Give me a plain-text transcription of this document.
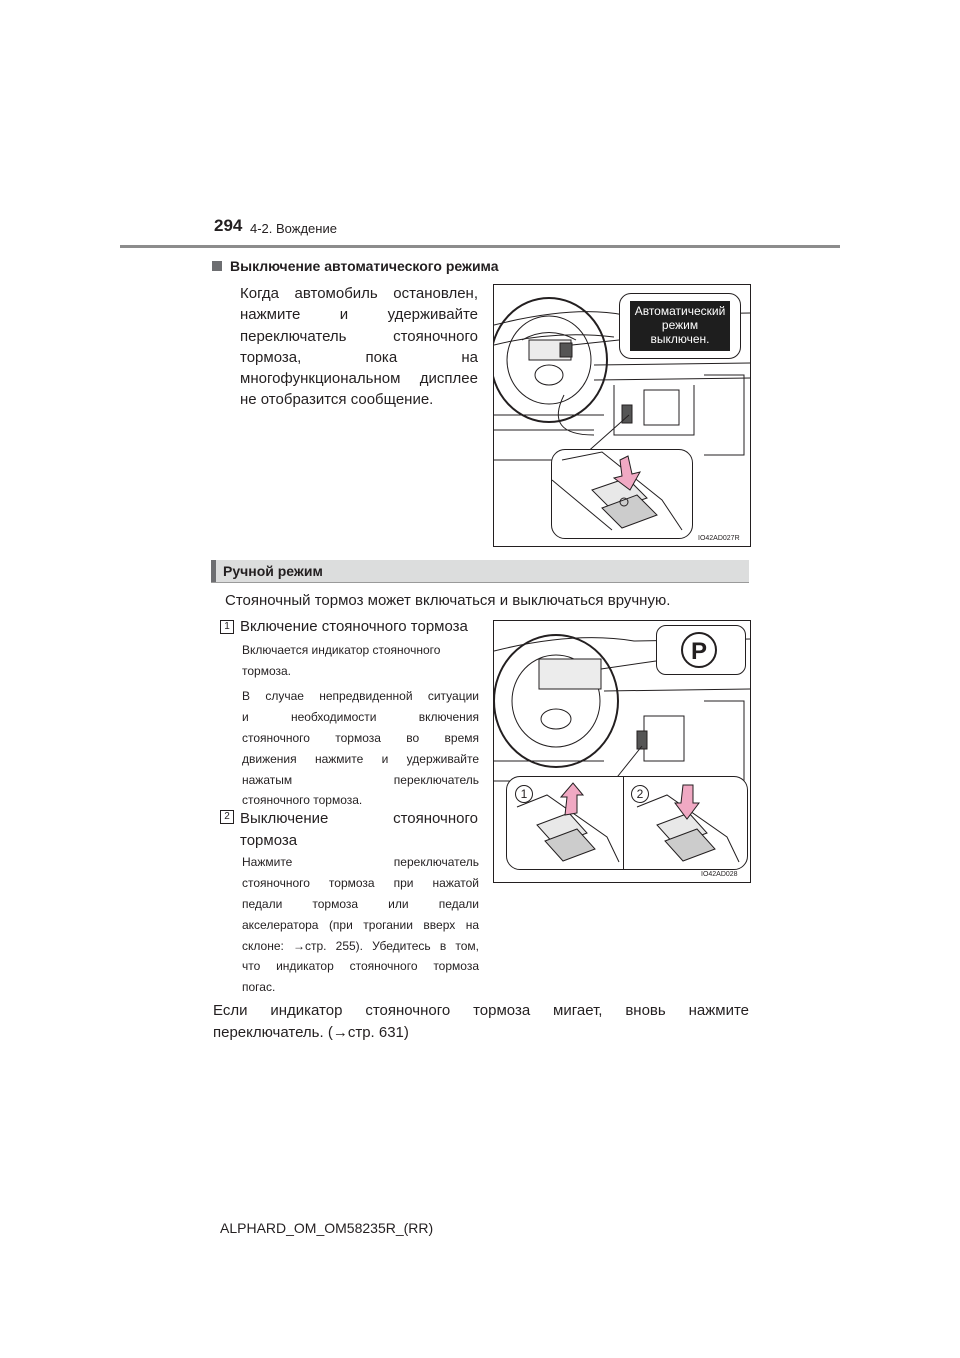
294 4-2. Вождение
Выключение автоматического режима
Когда автомобиль остановлен,
нажмите и удерживайте
переключатель стояночного
тормоза, пока на
многофункциональном дисплее
не отобразится сообщение.
Автоматический
режим
выключен.
IO42AD027R
Ручной режим
Стояночный тормоз может включаться и выключаться вручную.
1 Включение стояночного тормоза
Включается индикатор стояночного
тормоза.
В случае непредвиденной ситуации
и необходимости включения
стояночного тормоза во время
движения нажмите и удерживайте
нажатым переключатель
стояночного тормоза.
2 Выключение стояночного
тормоза
Нажмите переключатель
стояночного тормоза при нажатой
педали тормоза или педали
акселератора (при трогании вверх на
склоне: →стр. 255). Убедитесь в том,
что индикатор стояночного тормоза
погас.
P
1	2
IO42AD028
Если индикатор стояночного тормоза мигает, вновь нажмите
переключатель. (→стр. 631)
ALPHARD_OM_OM58235R_(RR)
